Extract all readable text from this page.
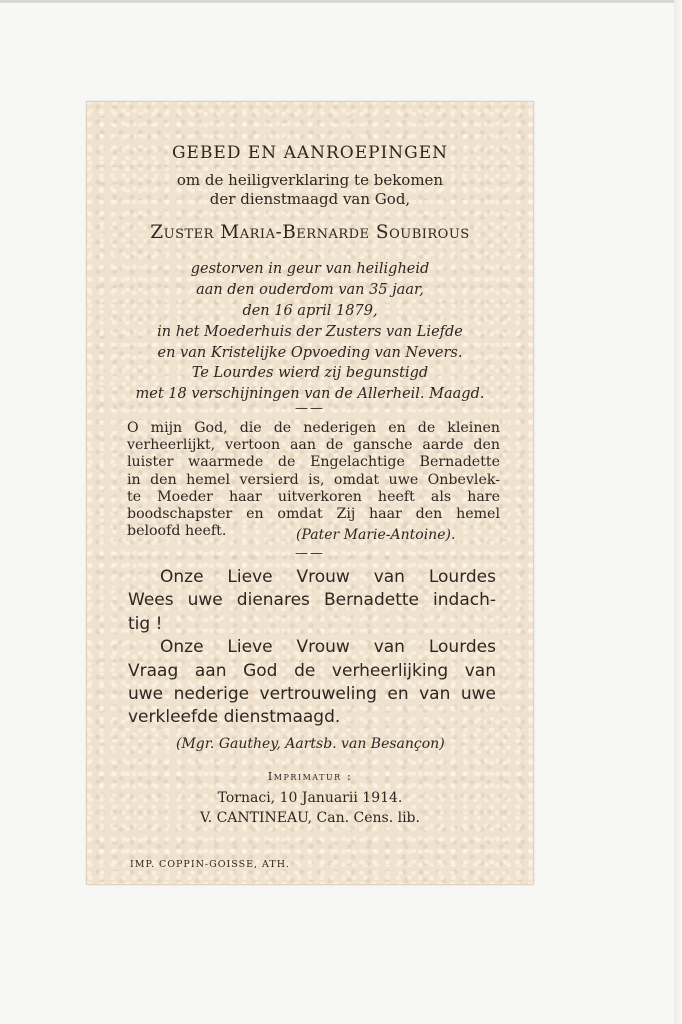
GEBED EN AANROEPINGEN
om de heiligverklaring te bekomen
der dienstmaagd van God,
Zuster Maria-Bernarde Soubirous
gestorven in geur van heiligheid
aan den ouderdom van 35 jaar,
den 16 april 1879,
in het Moederhuis der Zusters van Liefde
en van Kristelijke Opvoeding van Nevers.
Te Lourdes wierd zij begunstigd
met 18 verschijningen van de Allerheil. Maagd.
——
O mijn God, die de nederigen en de kleinen
verheerlijkt, vertoon aan de gansche aarde den
luister waarmede de Engelachtige Bernadette
in den hemel versierd is, omdat uwe Onbevlek-
te Moeder haar uitverkoren heeft als hare
boodschapster en omdat Zij haar den hemel
beloofd heeft.	(Pater Marie-Antoine).
——
Onze Lieve Vrouw van Lourdes
Wees uwe dienares Bernadette indach-
tig !
Onze Lieve Vrouw van Lourdes
Vraag aan God de verheerlijking van
uwe nederige vertrouweling en van uwe
verkleefde dienstmaagd.
(Mgr. Gauthey, Aartsb. van Besançon)
Imprimatur :
Tornaci, 10 Januarii 1914.
V. CANTINEAU, Can. Cens. lib.
IMP. COPPIN-GOISSE, ATH.
